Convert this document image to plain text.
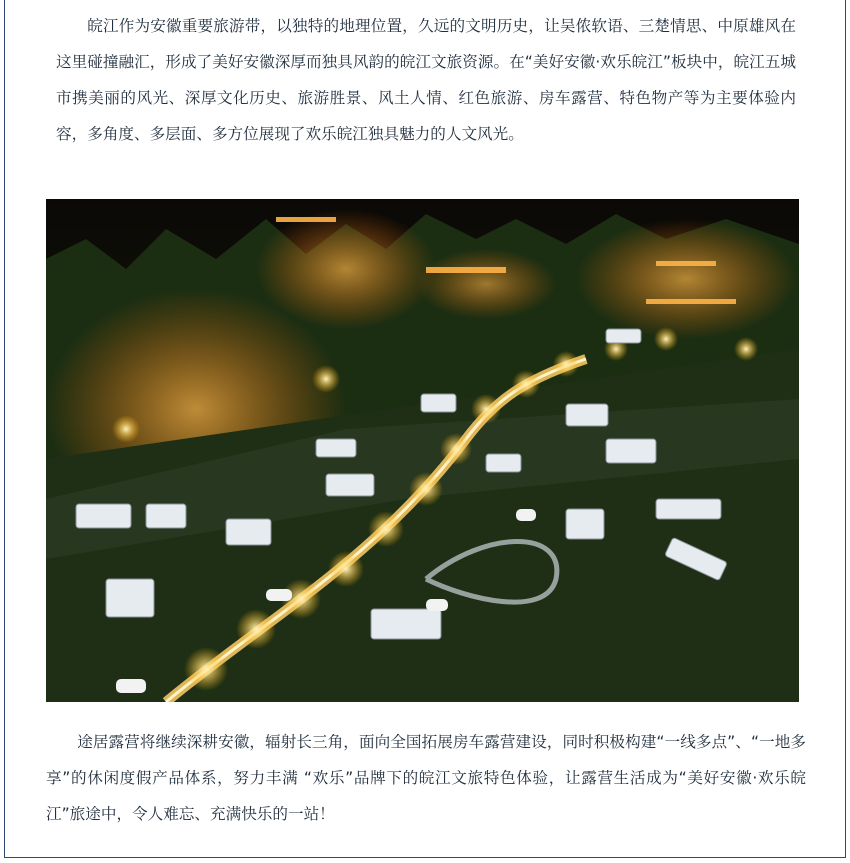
皖江作为安徽重要旅游带，以独特的地理位置，久远的文明历史，让吴侬软语、三楚情思、中原雄风在这里碰撞融汇，形成了美好安徽深厚而独具风韵的皖江文旅资源。在“美好安徽·欢乐皖江”板块中，皖江五城市携美丽的风光、深厚文化历史、旅游胜景、风土人情、红色旅游、房车露营、特色物产等为主要体验内容，多角度、多层面、多方位展现了欢乐皖江独具魅力的人文风光。

途居露营将继续深耕安徽，辐射长三角，面向全国拓展房车露营建设，同时积极构建“一线多点”、“一地多享”的休闲度假产品体系，努力丰满 “欢乐”品牌下的皖江文旅特色体验，让露营生活成为“美好安徽·欢乐皖江”旅途中，令人难忘、充满快乐的一站！
